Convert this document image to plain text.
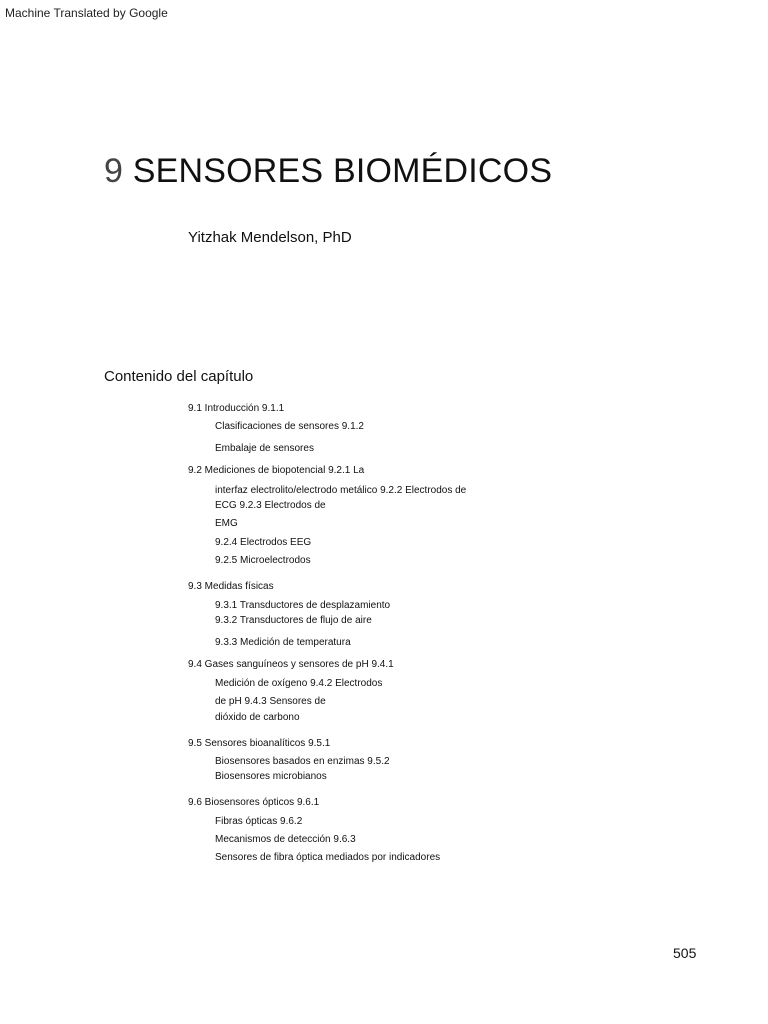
Machine Translated by Google
9 SENSORES BIOMÉDICOS
Yitzhak Mendelson, PhD
Contenido del capítulo
9.1 Introducción 9.1.1
Clasificaciones de sensores 9.1.2
Embalaje de sensores
9.2 Mediciones de biopotencial 9.2.1 La
interfaz electrolito/electrodo metálico 9.2.2 Electrodos de
ECG 9.2.3 Electrodos de
EMG
9.2.4 Electrodos EEG
9.2.5 Microelectrodos
9.3 Medidas físicas
9.3.1 Transductores de desplazamiento
9.3.2 Transductores de flujo de aire
9.3.3 Medición de temperatura
9.4 Gases sanguíneos y sensores de pH 9.4.1
Medición de oxígeno 9.4.2 Electrodos
de pH 9.4.3 Sensores de
dióxido de carbono
9.5 Sensores bioanalíticos 9.5.1
Biosensores basados en enzimas 9.5.2
Biosensores microbianos
9.6 Biosensores ópticos 9.6.1
Fibras ópticas 9.6.2
Mecanismos de detección 9.6.3
Sensores de fibra óptica mediados por indicadores
505
